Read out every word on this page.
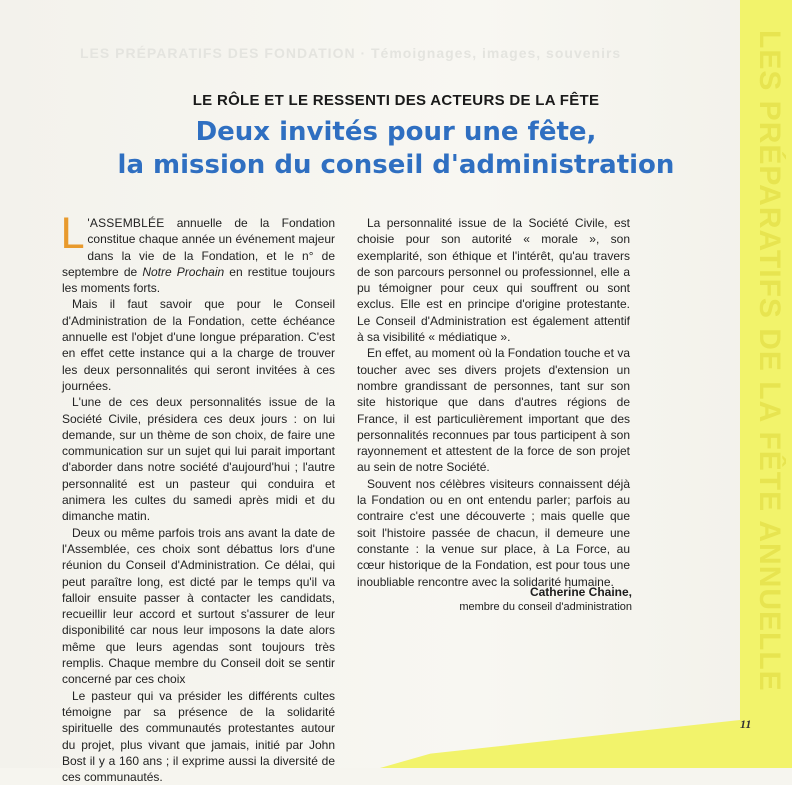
LES PRÉPARATIFS DES FONDATION · Témoignages, images, souvenirs	LES PRÉPARATIFS DE LA FÊTE ANNUELLE
LE RÔLE ET LE RESSENTI DES ACTEURS DE LA FÊTE
Deux invités pour une fête,
la mission du conseil d'administration

L 'ASSEMBLÉE annuelle de la Fondation constitue chaque année un événement majeur dans la vie de la Fondation, et le n° de septembre de Notre Prochain en restitue toujours les moments forts.

Mais il faut savoir que pour le Conseil d'Administration de la Fondation, cette échéance annuelle est l'objet d'une longue préparation. C'est en effet cette instance qui a la charge de trouver les deux personnalités qui seront invitées à ces journées.

L'une de ces deux personnalités issue de la Société Civile, présidera ces deux jours : on lui demande, sur un thème de son choix, de faire une communication sur un sujet qui lui parait important d'aborder dans notre société d'aujourd'hui ; l'autre personnalité est un pasteur qui conduira et animera les cultes du samedi après midi et du dimanche matin.

Deux ou même parfois trois ans avant la date de l'Assemblée, ces choix sont débattus lors d'une réunion du Conseil d'Administration. Ce délai, qui peut paraître long, est dicté par le temps qu'il va falloir ensuite passer à contacter les candidats, recueillir leur accord et surtout s'assurer de leur disponibilité car nous leur imposons la date alors même que leurs agendas sont toujours très remplis. Chaque membre du Conseil doit se sentir concerné par ces choix

Le pasteur qui va présider les différents cultes témoigne par sa présence de la solidarité spirituelle des communautés protestantes autour du projet, plus vivant que jamais, initié par John Bost il y a 160 ans ; il exprime aussi la diversité de ces communautés.

La personnalité issue de la Société Civile, est choisie pour son autorité « morale », son exemplarité, son éthique et l'intérêt, qu'au travers de son parcours personnel ou professionnel, elle a pu témoigner pour ceux qui souffrent ou sont exclus. Elle est en principe d'origine protestante. Le Conseil d'Administration est également attentif à sa visibilité « médiatique ».

En effet, au moment où la Fondation touche et va toucher avec ses divers projets d'extension un nombre grandissant de personnes, tant sur son site historique que dans d'autres régions de France, il est particulièrement important que des personnalités reconnues par tous participent à son rayonnement et attestent de la force de son projet au sein de notre Société.

Souvent nos célèbres visiteurs connaissent déjà la Fondation ou en ont entendu parler; parfois au contraire c'est une découverte ; mais quelle que soit l'histoire passée de chacun, il demeure une constante : la venue sur place, à La Force, au cœur historique de la Fondation, est pour tous une inoubliable rencontre avec la solidarité humaine.

Catherine Chaine,
membre du conseil d'administration
11
